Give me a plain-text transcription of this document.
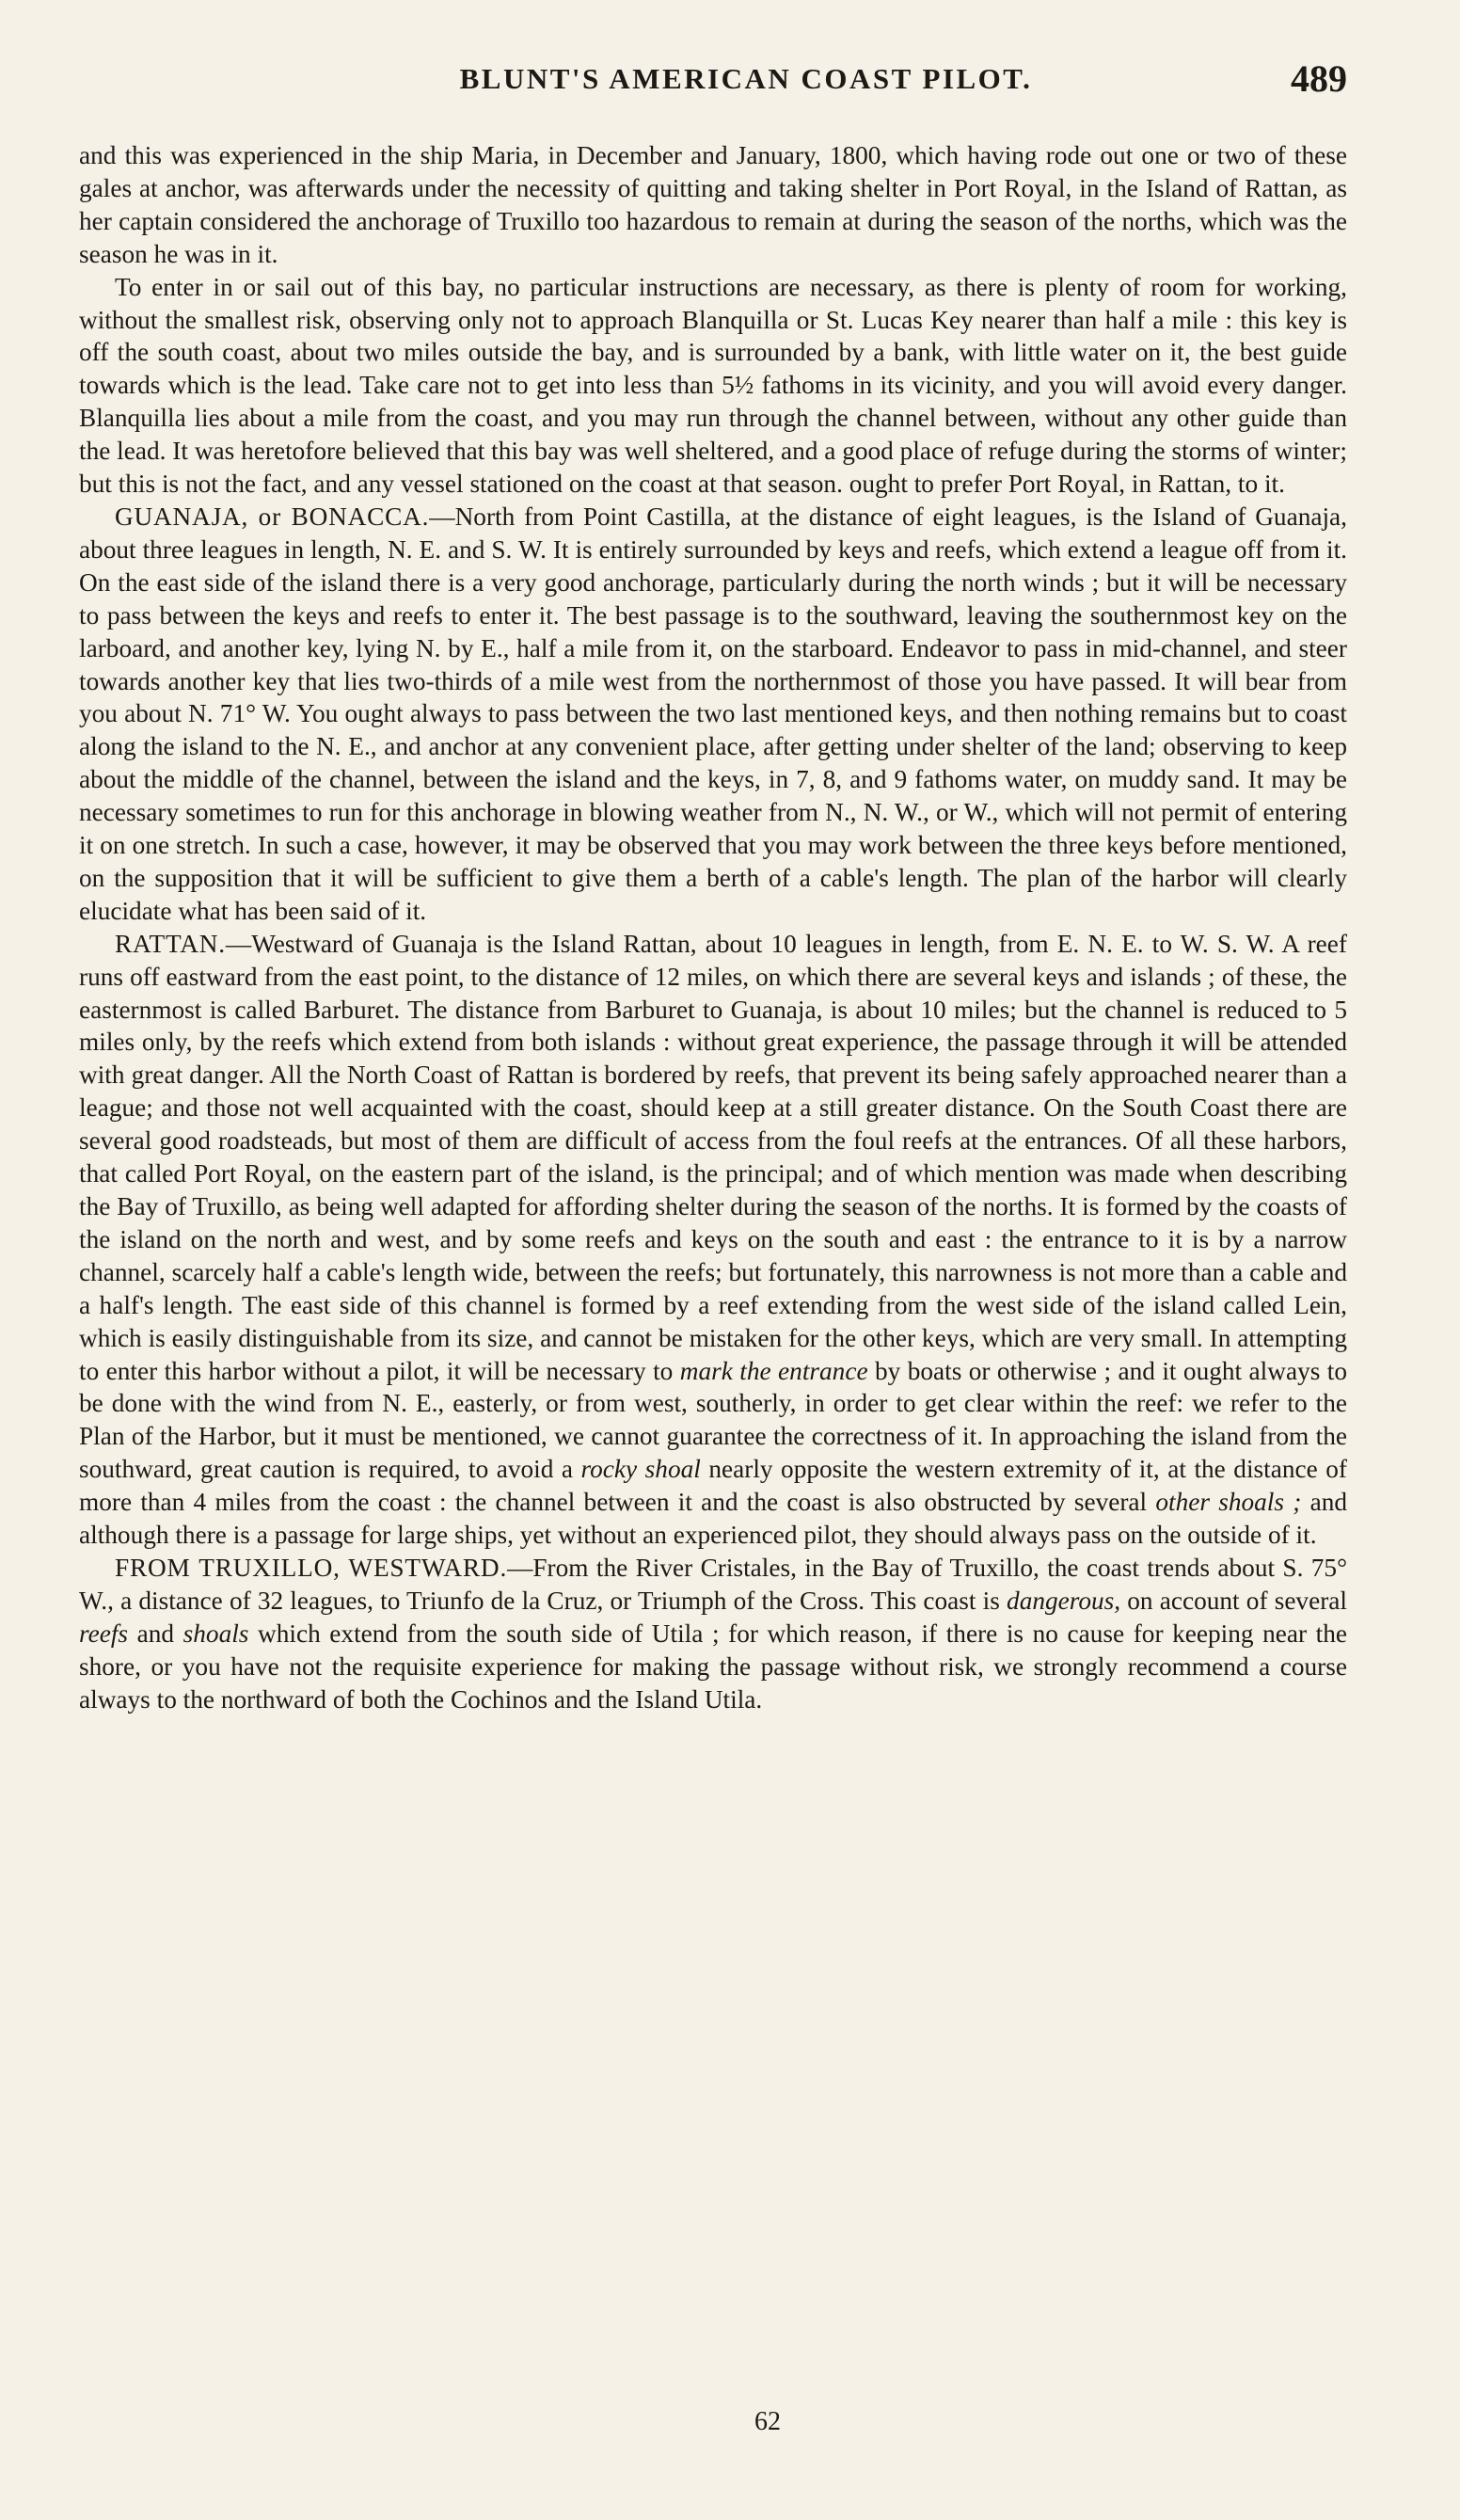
BLUNT'S AMERICAN COAST PILOT.	489

and this was experienced in the ship Maria, in December and January, 1800, which having rode out one or two of these gales at anchor, was afterwards under the necessity of quitting and taking shelter in Port Royal, in the Island of Rattan, as her captain considered the anchorage of Truxillo too hazardous to remain at during the season of the norths, which was the season he was in it.

To enter in or sail out of this bay, no particular instructions are necessary, as there is plenty of room for working, without the smallest risk, observing only not to approach Blanquilla or St. Lucas Key nearer than half a mile : this key is off the south coast, about two miles outside the bay, and is surrounded by a bank, with little water on it, the best guide towards which is the lead. Take care not to get into less than 5½ fathoms in its vicinity, and you will avoid every danger. Blanquilla lies about a mile from the coast, and you may run through the channel between, without any other guide than the lead. It was heretofore believed that this bay was well sheltered, and a good place of refuge during the storms of winter; but this is not the fact, and any vessel stationed on the coast at that season. ought to prefer Port Royal, in Rattan, to it.

GUANAJA, or BONACCA.—North from Point Castilla, at the distance of eight leagues, is the Island of Guanaja, about three leagues in length, N. E. and S. W. It is entirely surrounded by keys and reefs, which extend a league off from it. On the east side of the island there is a very good anchorage, particularly during the north winds ; but it will be necessary to pass between the keys and reefs to enter it. The best passage is to the southward, leaving the southernmost key on the larboard, and another key, lying N. by E., half a mile from it, on the starboard. Endeavor to pass in mid-channel, and steer towards another key that lies two-thirds of a mile west from the northernmost of those you have passed. It will bear from you about N. 71° W. You ought always to pass between the two last mentioned keys, and then nothing remains but to coast along the island to the N. E., and anchor at any convenient place, after getting under shelter of the land; observing to keep about the middle of the channel, between the island and the keys, in 7, 8, and 9 fathoms water, on muddy sand. It may be necessary sometimes to run for this anchorage in blowing weather from N., N. W., or W., which will not permit of entering it on one stretch. In such a case, however, it may be observed that you may work between the three keys before mentioned, on the supposition that it will be sufficient to give them a berth of a cable's length. The plan of the harbor will clearly elucidate what has been said of it.

RATTAN.—Westward of Guanaja is the Island Rattan, about 10 leagues in length, from E. N. E. to W. S. W. A reef runs off eastward from the east point, to the distance of 12 miles, on which there are several keys and islands ; of these, the easternmost is called Barburet. The distance from Barburet to Guanaja, is about 10 miles; but the channel is reduced to 5 miles only, by the reefs which extend from both islands : without great experience, the passage through it will be attended with great danger. All the North Coast of Rattan is bordered by reefs, that prevent its being safely approached nearer than a league; and those not well acquainted with the coast, should keep at a still greater distance. On the South Coast there are several good roadsteads, but most of them are difficult of access from the foul reefs at the entrances. Of all these harbors, that called Port Royal, on the eastern part of the island, is the principal; and of which mention was made when describing the Bay of Truxillo, as being well adapted for affording shelter during the season of the norths. It is formed by the coasts of the island on the north and west, and by some reefs and keys on the south and east : the entrance to it is by a narrow channel, scarcely half a cable's length wide, between the reefs; but fortunately, this narrowness is not more than a cable and a half's length. The east side of this channel is formed by a reef extending from the west side of the island called Lein, which is easily distinguishable from its size, and cannot be mistaken for the other keys, which are very small. In attempting to enter this harbor without a pilot, it will be necessary to mark the entrance by boats or otherwise ; and it ought always to be done with the wind from N. E., easterly, or from west, southerly, in order to get clear within the reef: we refer to the Plan of the Harbor, but it must be mentioned, we cannot guarantee the correctness of it. In approaching the island from the southward, great caution is required, to avoid a rocky shoal nearly opposite the western extremity of it, at the distance of more than 4 miles from the coast : the channel between it and the coast is also obstructed by several other shoals ; and although there is a passage for large ships, yet without an experienced pilot, they should always pass on the outside of it.

FROM TRUXILLO, WESTWARD.—From the River Cristales, in the Bay of Truxillo, the coast trends about S. 75° W., a distance of 32 leagues, to Triunfo de la Cruz, or Triumph of the Cross. This coast is dangerous, on account of several reefs and shoals which extend from the south side of Utila ; for which reason, if there is no cause for keeping near the shore, or you have not the requisite experience for making the passage without risk, we strongly recommend a course always to the northward of both the Cochinos and the Island Utila.

62
